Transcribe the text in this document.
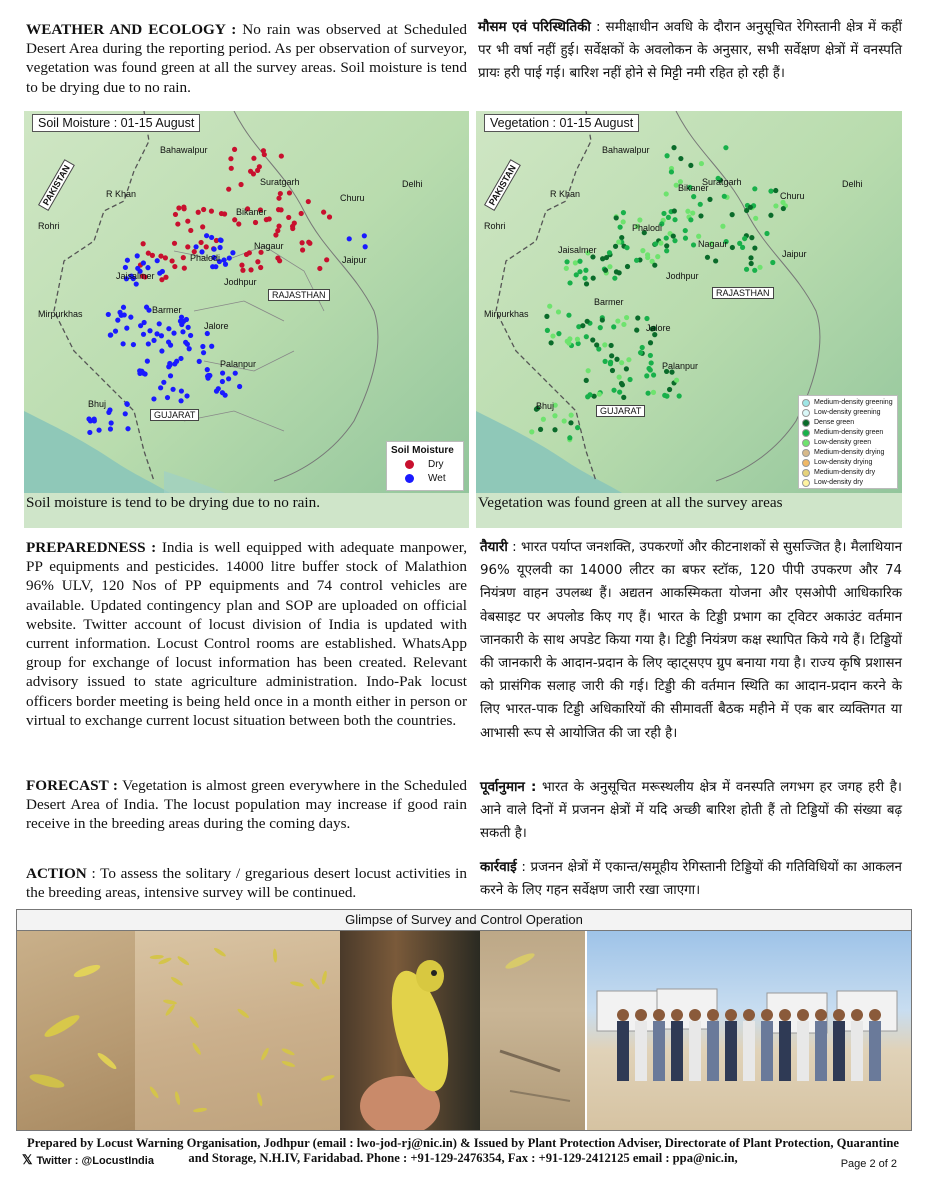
WEATHER AND ECOLOGY : No rain was observed at Scheduled Desert Area during the reporting period. As per observation of surveyor, vegetation was found green at all the survey areas. Soil moisture is tend to be drying due to no rain.
मौसम एवं परिस्थितिकी : समीक्षाधीन अवधि के दौरान अनुसूचित रेगिस्तानी क्षेत्र में कहीं पर भी वर्षा नहीं हुई। सर्वेक्षकों के अवलोकन के अनुसार, सभी सर्वेक्षण क्षेत्रों में वनस्पति प्रायः हरी पाई गई। बारिश नहीं होने से मिट्टी नमी रहित हो रही हैं।
Soil Moisture : 01-15 August
Bahawalpur
Suratgarh	Delhi
PAKISTAN	R Khan
Rohri
Bikaner
Churu
Phalodi
Nagaur
Jaisalmer
Jaipur
Jodhpur
RAJASTHAN
Mirpurkhas	Barmer
Jalore
Palanpur
Bhuj
GUJARAT
Soil Moisture
Dry
Wet
Soil moisture is tend to be drying due to no rain.
Vegetation : 01-15 August
Bahawalpur
Suratgarh	Delhi
PAKISTAN	R Khan
Rohri
Bikaner
Churu
Phalodi
Nagaur
Jaisalmer	Jaipur
Jodhpur
RAJASTHAN
Mirpurkhas
Barmer
Jalore
Palanpur
Bhuj	GUJARAT
Medium-density greening
Low-density greening
Dense green
Medium-density green
Low-density green
Medium-density drying
Low-density drying
Medium-density dry
Low-density dry
Vegetation was found green at all the survey areas
PREPAREDNESS : India is well equipped with adequate manpower, PP equipments and pesticides. 14000 litre buffer stock of Malathion 96% ULV, 120 Nos of PP equipments and 74 control vehicles are available. Updated contingency plan and SOP are uploaded on official website. Twitter account of locust division of India is updated with current information. Locust Control rooms are established. WhatsApp group for exchange of locust information has been created. Relevant advisory issued to state agriculture administration. Indo-Pak locust officers border meeting is being held once in a month either in person or virtual to exchange current locust situation between both the countries.
FORECAST : Vegetation is almost green everywhere in the Scheduled Desert Area of India. The locust population may increase if good rain receive in the breeding areas during the coming days.
ACTION : To assess the solitary / gregarious desert locust activities in the breeding areas, intensive survey will be continued.
तैयारी : भारत पर्याप्त जनशक्ति, उपकरणों और कीटनाशकों से सुसज्जित है। मैलाथियान 96% यूएलवी का 14000 लीटर का बफर स्टॉक, 120 पीपी उपकरण और 74 नियंत्रण वाहन उपलब्ध हैं। अद्यतन आकस्मिकता योजना और एसओपी आधिकारिक वेबसाइट पर अपलोड किए गए हैं। भारत के टिड्डी प्रभाग का ट्विटर अकाउंट वर्तमान जानकारी के साथ अपडेट किया गया है। टिड्डी नियंत्रण कक्ष स्थापित किये गये हैं। टिड्डियों की जानकारी के आदान-प्रदान के लिए व्हाट्सएप ग्रुप बनाया गया है। राज्य कृषि प्रशासन को प्रासंगिक सलाह जारी की गई। टिड्डी की वर्तमान स्थिति का आदान-प्रदान करने के लिए भारत-पाक टिड्डी अधिकारियों की सीमावर्ती बैठक महीने में एक बार व्यक्तिगत या आभासी रूप से आयोजित की जा रही है।
पूर्वानुमान : भारत के अनुसूचित मरूस्थलीय क्षेत्र में वनस्पति लगभग हर जगह हरी है। आने वाले दिनों में प्रजनन क्षेत्रों में यदि अच्छी बारिश होती हैं तो टिड्डियों की संख्या बढ़ सकती है।
कार्रवाई : प्रजनन क्षेत्रों में एकान्त/समूहीय रेगिस्तानी टिड्डियों की गतिविधियों का आकलन करने के लिए गहन सर्वेक्षण जारी रखा जाएगा।
Glimpse of Survey and Control Operation
Prepared by Locust Warning Organisation, Jodhpur (email : lwo-jod-rj@nic.in) & Issued by Plant Protection Adviser, Directorate of Plant Protection, Quarantine and Storage, N.H.IV, Faridabad. Phone : +91-129-2476354, Fax : +91-129-2412125 email : ppa@nic.in,
𝕏 Twitter : @LocustIndia	Page 2 of 2
